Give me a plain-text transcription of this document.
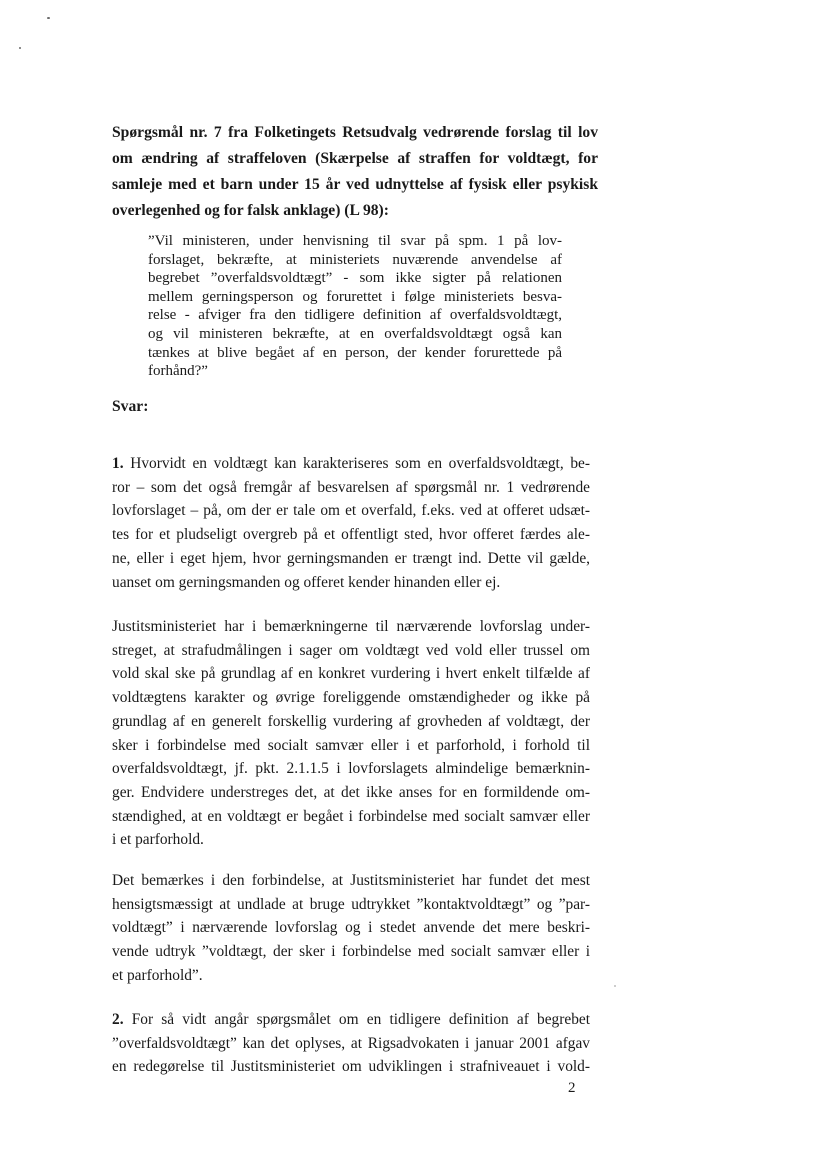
Spørgsmål nr. 7 fra Folketingets Retsudvalg vedrørende forslag til lov om ændring af straffeloven (Skærpelse af straffen for voldtægt, for samleje med et barn under 15 år ved udnyttelse af fysisk eller psykisk overlegenhed og for falsk anklage) (L 98):

”Vil ministeren, under henvisning til svar på spm. 1 på lov-
forslaget, bekræfte, at ministeriets nuværende anvendelse af
begrebet ”overfaldsvoldtægt” - som ikke sigter på relationen
mellem gerningsperson og forurettet i følge ministeriets besva-
relse - afviger fra den tidligere definition af overfaldsvoldtægt,
og vil ministeren bekræfte, at en overfaldsvoldtægt også kan
tænkes at blive begået af en person, der kender forurettede på
forhånd?”

Svar:

1. Hvorvidt en voldtægt kan karakteriseres som en overfaldsvoldtægt, be-
ror – som det også fremgår af besvarelsen af spørgsmål nr. 1 vedrørende
lovforslaget – på, om der er tale om et overfald, f.eks. ved at offeret udsæt-
tes for et pludseligt overgreb på et offentligt sted, hvor offeret færdes ale-
ne, eller i eget hjem, hvor gerningsmanden er trængt ind. Dette vil gælde,
uanset om gerningsmanden og offeret kender hinanden eller ej.
Justitsministeriet har i bemærkningerne til nærværende lovforslag under-
streget, at strafudmålingen i sager om voldtægt ved vold eller trussel om
vold skal ske på grundlag af en konkret vurdering i hvert enkelt tilfælde af
voldtægtens karakter og øvrige foreliggende omstændigheder og ikke på
grundlag af en generelt forskellig vurdering af grovheden af voldtægt, der
sker i forbindelse med socialt samvær eller i et parforhold, i forhold til
overfaldsvoldtægt, jf. pkt. 2.1.1.5 i lovforslagets almindelige bemærknin-
ger. Endvidere understreges det, at det ikke anses for en formildende om-
stændighed, at en voldtægt er begået i forbindelse med socialt samvær eller
i et parforhold.
Det bemærkes i den forbindelse, at Justitsministeriet har fundet det mest
hensigtsmæssigt at undlade at bruge udtrykket ”kontaktvoldtægt” og ”par-
voldtægt” i nærværende lovforslag og i stedet anvende det mere beskri-
vende udtryk ”voldtægt, der sker i forbindelse med socialt samvær eller i
et parforhold”.
2. For så vidt angår spørgsmålet om en tidligere definition af begrebet
”overfaldsvoldtægt” kan det oplyses, at Rigsadvokaten i januar 2001 afgav
en redegørelse til Justitsministeriet om udviklingen i strafniveauet i vold-

2
